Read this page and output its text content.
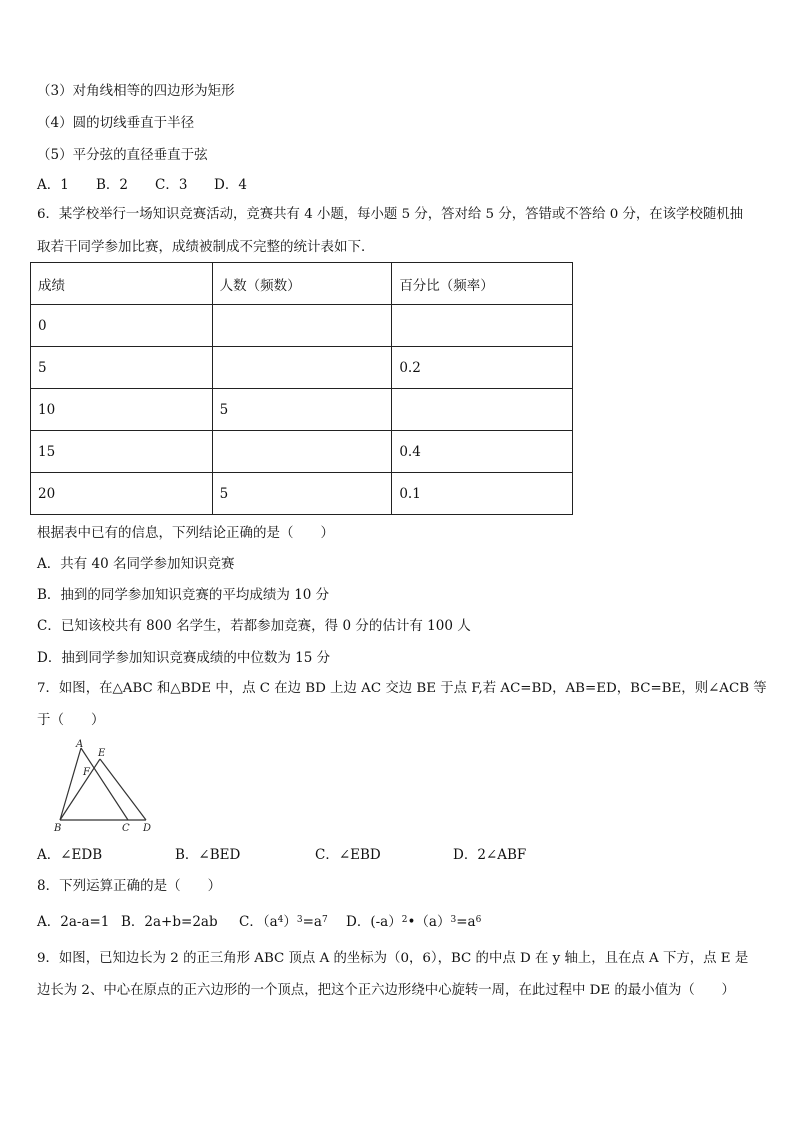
（3）对角线相等的四边形为矩形
（4）圆的切线垂直于半径
（5）平分弦的直径垂直于弦
A．1 B．2 C．3 D．4
6．某学校举行一场知识竞赛活动，竞赛共有 4 小题，每小题 5 分，答对给 5 分，答错或不答给 0 分，在该学校随机抽
取若干同学参加比赛，成绩被制成不完整的统计表如下．
成绩	人数（频数）	百分比（频率）
0		
5		0.2
10	5	
15		0.4
20	5	0.1
根据表中已有的信息，下列结论正确的是（　　）
A．共有 40 名同学参加知识竞赛
B．抽到的同学参加知识竞赛的平均成绩为 10 分
C．已知该校共有 800 名学生，若都参加竞赛，得 0 分的估计有 100 人
D．抽到同学参加知识竞赛成绩的中位数为 15 分
7．如图，在△ABC 和△BDE 中，点 C 在边 BD 上边 AC 交边 BE 于点 F,若 AC=BD，AB=ED，BC=BE，则∠ACB 等
于（　　）
A
E
F
B	C D
A．∠EDB	B．∠BED	C．∠EBD	D．2∠ABF
8．下列运算正确的是（　　）
A．2a-a=1 B．2a+b=2ab C．$(a^4)^3=a^7$ D．$(-a)^2•(a)^3=a^6$
9．如图，已知边长为 2 的正三角形 ABC 顶点 A 的坐标为（0，6），BC 的中点 D 在 y 轴上，且在点 A 下方，点 E 是
边长为 2、中心在原点的正六边形的一个顶点，把这个正六边形绕中心旋转一周，在此过程中 DE 的最小值为（　　）
